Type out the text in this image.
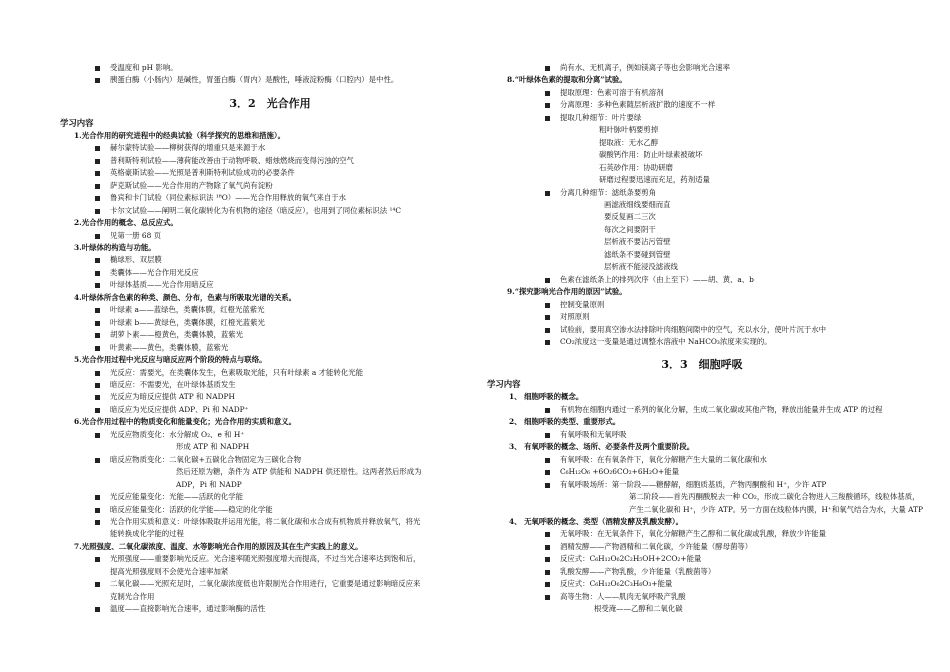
受温度和 pH 影响。
胰蛋白酶（小肠内）是碱性，胃蛋白酶（胃内）是酸性，唾液淀粉酶（口腔内）是中性。
3．2　光合作用
学习内容
1.光合作用的研究进程中的经典试验（科学探究的思维和措施）。
赫尔蒙特试验——柳树获得的增重只是来源于水
普利斯特利试验——薄荷能改善由于动物呼吸、蜡烛燃烧而变得污浊的空气
英格豪斯试验——光照是普利斯特利试验成功的必要条件
萨克斯试验——光合作用的产物除了氧气尚有淀粉
鲁宾和卡门试验（同位素标识法 ¹⁸O）——光合作用释放的氧气来自于水
卡尔文试验——阐明二氧化碳转化为有机物的途径（暗反应），也用到了同位素标识法 ¹⁴C
2.光合作用的概念、总反应式。
见第一册 68 页
3.叶绿体的构造与功能。
椭球形、双层膜
类囊体——光合作用光反应
叶绿体基质——光合作用暗反应
4.叶绿体所含色素的种类、颜色、分布，色素与所吸取光谱的关系。
叶绿素 a——蓝绿色，类囊体膜，红橙光蓝紫光
叶绿素 b——黄绿色，类囊体膜，红橙光蓝紫光
胡萝卜素——橙黄色，类囊体膜，蓝紫光
叶黄素——黄色，类囊体膜，蓝紫光
5.光合作用过程中光反应与暗反应两个阶段的特点与联络。
光反应：需要光，在类囊体发生，色素吸取光能，只有叶绿素 a 才能转化光能
暗反应：不需要光，在叶绿体基质发生
光反应为暗反应提供 ATP 和 NADPH
暗反应为光反应提供 ADP、Pi 和 NADP⁺
6.光合作用过程中的物质变化和能量变化；光合作用的实质和意义。
光反应物质变化：水分解成 O₂、e 和 H⁺
形成 ATP 和 NADPH
暗反应物质变化：二氧化碳+五碳化合物固定为三碳化合物
然后还原为糖，条件为 ATP 供能和 NADPH 供还原性。这两者然后形成为
ADP，Pi 和 NADP
光反应能量变化：光能——活跃的化学能
暗反应能量变化：活跃的化学能——稳定的化学能
光合作用实质和意义：叶绿体吸取并运用光能，将二氧化碳和水合成有机物质并释放氧气，将光
能转换成化学能的过程
7.光照强度、二氧化碳浓度、温度、水等影响光合作用的原因及其在生产实践上的意义。
光照强度——重要影响光反应。光合速率随光照强度增大而提高，不过当光合速率达到饱和后，
提高光照强度则不会使光合速率加紧
二氧化碳——光照充足时，二氧化碳浓度低也许限制光合作用进行，它重要是通过影响暗反应来
克制光合作用
温度——直接影响光合速率，通过影响酶的活性
尚有水、无机离子，例如镁离子等也会影响光合速率
8.“叶绿体色素的提取和分离”试验。
提取原理：色素可溶于有机溶剂
分离原理：多种色素随层析液扩散的速度不一样
提取几种细节：叶片要绿
粗叶脉叶柄要剪掉
提取液：无水乙醇
碳酸钙作用：防止叶绿素被破坏
石英砂作用：协助研磨
研磨过程要迅速而充足，药剂适量
分离几种细节：滤纸条要剪角
画滤液细线要细而直
要反复画二三次
每次之间要阴干
层析液不要沾污管壁
滤纸条不要碰到管壁
层析液不能浸没滤液线
色素在滤纸条上的排列次序（由上至下）——胡、黄、a、b
9.“探究影响光合作用的原因”试验。
控制变量原则
对照原则
试验前，要用真空渗水法排除叶肉细胞间隙中的空气，充以水分，使叶片沉于水中
CO₂浓度这一变量是通过调整水溶液中 NaHCO₃浓度来实现的。
3．3　细胞呼吸
学习内容
1、 细胞呼吸的概念。
有机物在细胞内通过一系列的氧化分解，生成二氧化碳或其他产物，释放出能量并生成 ATP 的过程
2、 细胞呼吸的类型、重要形式。
有氧呼吸和无氧呼吸
3、 有氧呼吸的概念、场所、必要条件及两个重要阶段。
有氧呼吸：在有氧条件下，氧化分解糖产生大量的二氧化碳和水
C₆H₁₂O₆ +6O₂6CO₂+6H₂O+能量
有氧呼吸场所：第一阶段——糖酵解，细胞质基质，产物丙酮酸和 H⁺，少许 ATP
第二阶段——首先丙酮酸脱去一种 CO₂，形成二碳化合物进入三羧酸循环，线粒体基质，
产生二氧化碳和 H⁺，少许 ATP。另一方面在线粒体内膜，H⁺和氧气结合为水，大量 ATP
4、 无氧呼吸的概念、类型（酒精发酵及乳酸发酵）。
无氧呼吸：在无氧条件下，氧化分解糖产生乙醇和二氧化碳或乳酸，释放少许能量
酒精发酵——产物酒精和二氧化碳，少许能量（酵母菌等）
反应式：C₆H₁₂O₆2C₂H₅OH+2CO₂+能量
乳酸发酵——产物乳酸，少许能量（乳酸菌等）
反应式：C₆H₁₂O₆2C₃H₆O₃+能量
高等生物：人——肌肉无氧呼吸产乳酸
根受淹——乙醇和二氧化碳
